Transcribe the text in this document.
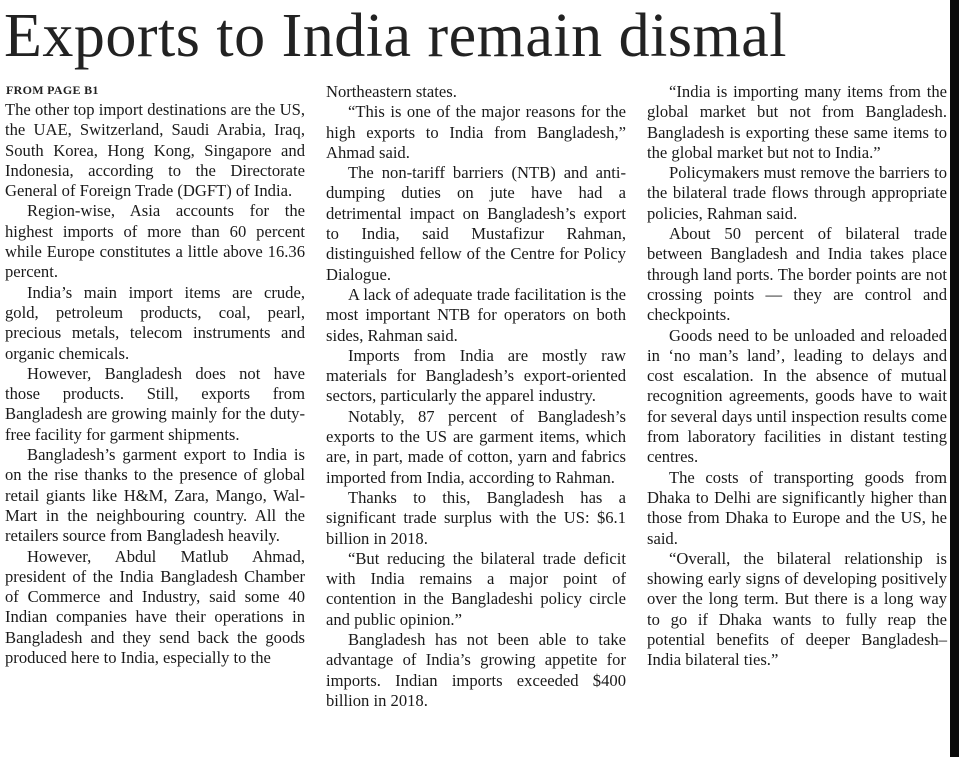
Exports to India remain dismal
FROM PAGE B1

The other top import destinations are the US, the UAE, Switzerland, Saudi Arabia, Iraq, South Korea, Hong Kong, Singapore and Indonesia, according to the Directorate General of Foreign Trade (DGFT) of India.

Region-wise, Asia accounts for the highest imports of more than 60 percent while Europe constitutes a little above 16.36 percent.

India’s main import items are crude, gold, petroleum products, coal, pearl, precious metals, telecom instruments and organic chemicals.

However, Bangladesh does not have those products. Still, exports from Bangladesh are growing mainly for the duty-free facility for garment shipments.

Bangladesh’s garment export to India is on the rise thanks to the presence of global retail giants like H&M, Zara, Mango, Wal-Mart in the neighbouring country. All the retailers source from Bangladesh heavily.

However, Abdul Matlub Ahmad, president of the India Bangladesh Chamber of Commerce and Industry, said some 40 Indian companies have their operations in Bangladesh and they send back the goods produced here to India, especially to the

Northeastern states.

“This is one of the major reasons for the high exports to India from Bangladesh,” Ahmad said.

The non-tariff barriers (NTB) and anti-dumping duties on jute have had a detrimental impact on Bangladesh’s export to India, said Mustafizur Rahman, distinguished fellow of the Centre for Policy Dialogue.

A lack of adequate trade facilitation is the most important NTB for operators on both sides, Rahman said.

Imports from India are mostly raw materials for Bangladesh’s export-oriented sectors, particularly the apparel industry.

Notably, 87 percent of Bangladesh’s exports to the US are garment items, which are, in part, made of cotton, yarn and fabrics imported from India, according to Rahman.

Thanks to this, Bangladesh has a significant trade surplus with the US: $6.1 billion in 2018.

“But reducing the bilateral trade deficit with India remains a major point of contention in the Bangladeshi policy circle and public opinion.”

Bangladesh has not been able to take advantage of India’s growing appetite for imports. Indian imports exceeded $400 billion in 2018.

“India is importing many items from the global market but not from Bangladesh. Bangladesh is exporting these same items to the global market but not to India.”

Policymakers must remove the barriers to the bilateral trade flows through appropriate policies, Rahman said.

About 50 percent of bilateral trade between Bangladesh and India takes place through land ports. The border points are not crossing points — they are control and checkpoints.

Goods need to be unloaded and reloaded in ‘no man’s land’, leading to delays and cost escalation. In the absence of mutual recognition agreements, goods have to wait for several days until inspection results come from laboratory facilities in distant testing centres.

The costs of transporting goods from Dhaka to Delhi are significantly higher than those from Dhaka to Europe and the US, he said.

“Overall, the bilateral relationship is showing early signs of developing positively over the long term. But there is a long way to go if Dhaka wants to fully reap the potential benefits of deeper Bangladesh–India bilateral ties.”
